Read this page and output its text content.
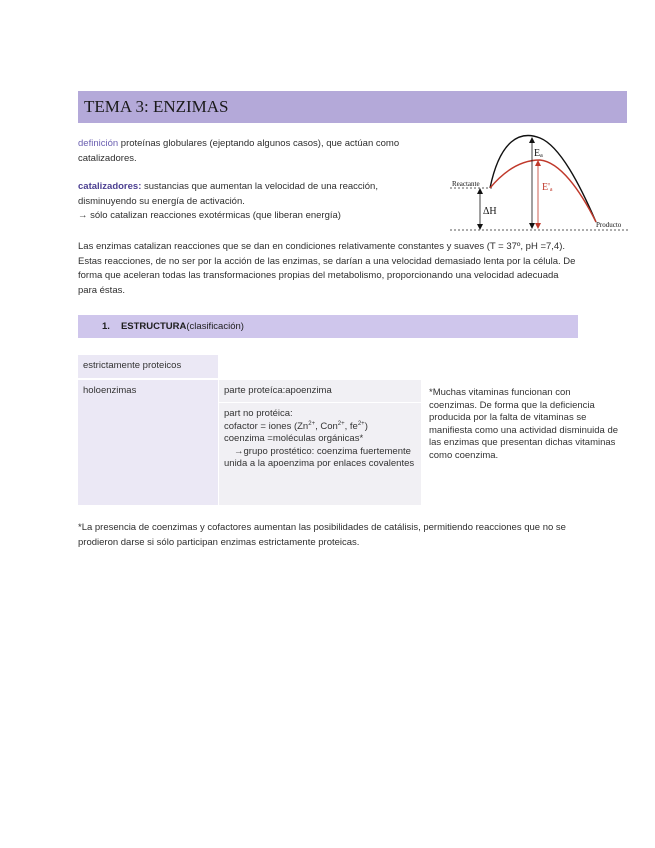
TEMA 3: ENZIMAS
definición proteínas globulares (ejeptando algunos casos), que actúan como catalizadores.
catalizadores: sustancias que aumentan la velocidad de una reacción, disminuyendo su energía de activación.
→ sólo catalizan reacciones exotérmicas (que liberan energía)
Las enzimas catalizan reacciones que se dan en condiciones relativamente constantes y suaves (T = 37º, pH =7,4). Estas reacciones, de no ser por la acción de las enzimas, se darían a una velocidad demasiado lenta por la célula. De forma que aceleran todas las transformaciones propias del metabolismo, proporcionando una velocidad adecuada para éstas.
Reactante
Producto
Eₐ
E'ₐ
ΔH
1. ESTRUCTURA (clasificación)
estrictamente proteicos
holoenzimas	parte proteíca:apoenzima
part no protéica:
cofactor = iones ($Zn^{2+}$, Con$^{2+}$, $fe^{2+}$)
coenzima =moléculas orgánicas*
→grupo prostético: coenzima fuertemente unida a la apoenzima por enlaces covalentes
*Muchas vitaminas funcionan con coenzimas. De forma que la deficiencia producida por la falta de vitaminas se manifiesta como una actividad disminuida de las enzimas que presentan dichas vitaminas como coenzima.
*La presencia de coenzimas y cofactores aumentan las posibilidades de catálisis, permitiendo reacciones que no se prodieron darse si sólo participan enzimas estrictamente proteicas.
